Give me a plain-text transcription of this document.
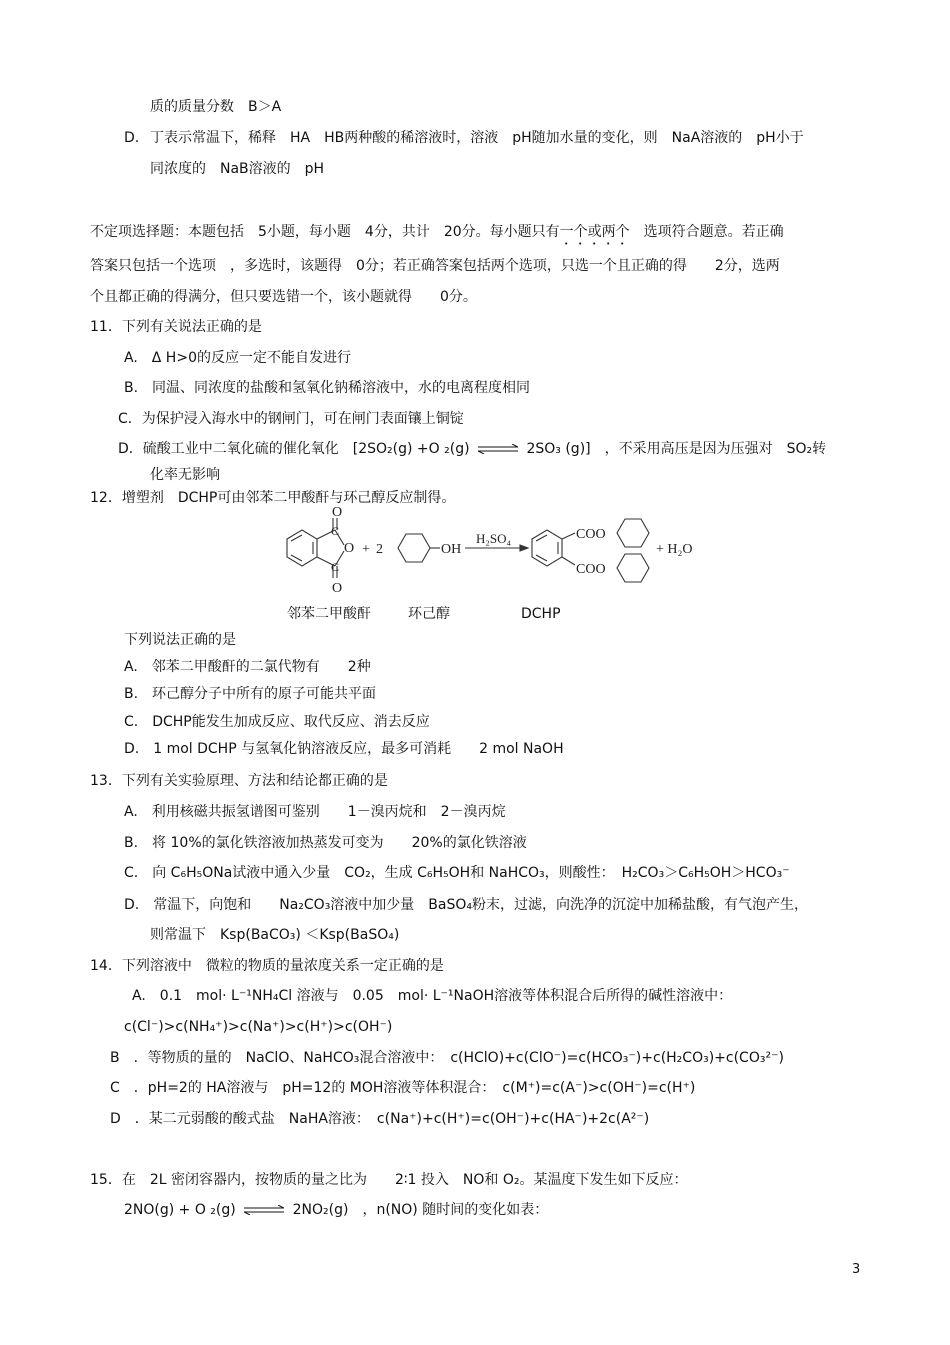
质的质量分数　B＞A
D. 丁表示常温下，稀释　HA　HB两种酸的稀溶液时，溶液　pH随加水量的变化，则　NaA溶液的　pH小于
同浓度的　NaB溶液的　pH
不定项选择题：本题包括　5小题，每小题　4分，共计　20分。每小题只有一个或两个　选项符合题意。若正确
答案只包括一个选项　，多选时，该题得　0分；若正确答案包括两个选项，只选一个且正确的得　　2分，选两
个且都正确的得满分，但只要选错一个，该小题就得　　0分。
11．下列有关说法正确的是
A.　Δ H>0的反应一定不能自发进行
B.　同温、同浓度的盐酸和氢氧化钠稀溶液中，水的电离程度相同
C．为保护浸入海水中的钢闸门，可在闸门表面镶上铜锭
D．硫酸工业中二氧化硫的催化氧化　[2SO₂(g) +O ₂(g) ⇌ 2SO₃ (g)]　，不采用高压是因为压强对　SO₂转
化率无影响
12．增塑剂　DCHP可由邻苯二甲酸酐与环己醇反应制得。
O
O
O
C
C
+ 2	OH
H₂SO₄	COO
COO
+ H₂O
邻苯二甲酸酐	环己醇	DCHP
下列说法正确的是
A.　邻苯二甲酸酐的二氯代物有　　2种
B.　环己醇分子中所有的原子可能共平面
C.　DCHP能发生加成反应、取代反应、消去反应
D.　1 mol DCHP 与氢氧化钠溶液反应，最多可消耗　　2 mol NaOH
13．下列有关实验原理、方法和结论都正确的是
A.　利用核磁共振氢谱图可鉴别　　1－溴丙烷和　2－溴丙烷
B.　将 10%的氯化铁溶液加热蒸发可变为　　20%的氯化铁溶液
C.　向 C₆H₅ONa试液中通入少量　CO₂，生成 C₆H₅OH和 NaHCO₃，则酸性：　H₂CO₃＞C₆H₅OH＞HCO₃⁻
D.　常温下，向饱和　　Na₂CO₃溶液中加少量　BaSO₄粉末，过滤，向洗净的沉淀中加稀盐酸，有气泡产生，
则常温下　Ksp(BaCO₃) ＜Ksp(BaSO₄)
14．下列溶液中　微粒的物质的量浓度关系一定正确的是
A.　0.1　mol· L⁻¹NH₄Cl 溶液与　0.05　mol· L⁻¹NaOH溶液等体积混合后所得的碱性溶液中：
c(Cl⁻)>c(NH₄⁺)>c(Na⁺)>c(H⁺)>c(OH⁻)
B　．等物质的量的　NaClO、NaHCO₃混合溶液中：　c(HClO)+c(ClO⁻)=c(HCO₃⁻)+c(H₂CO₃)+c(CO₃²⁻)
C　．pH=2的 HA溶液与　pH=12的 MOH溶液等体积混合：　c(M⁺)=c(A⁻)>c(OH⁻)=c(H⁺)
D　．某二元弱酸的酸式盐　NaHA溶液：　c(Na⁺)+c(H⁺)=c(OH⁻)+c(HA⁻)+2c(A²⁻)
15．在　2L 密闭容器内，按物质的量之比为　　2∶1 投入　NO和 O₂。某温度下发生如下反应：
2NO(g) + O ₂(g) ⇌ 2NO₂(g)　，n(NO) 随时间的变化如表：
3
